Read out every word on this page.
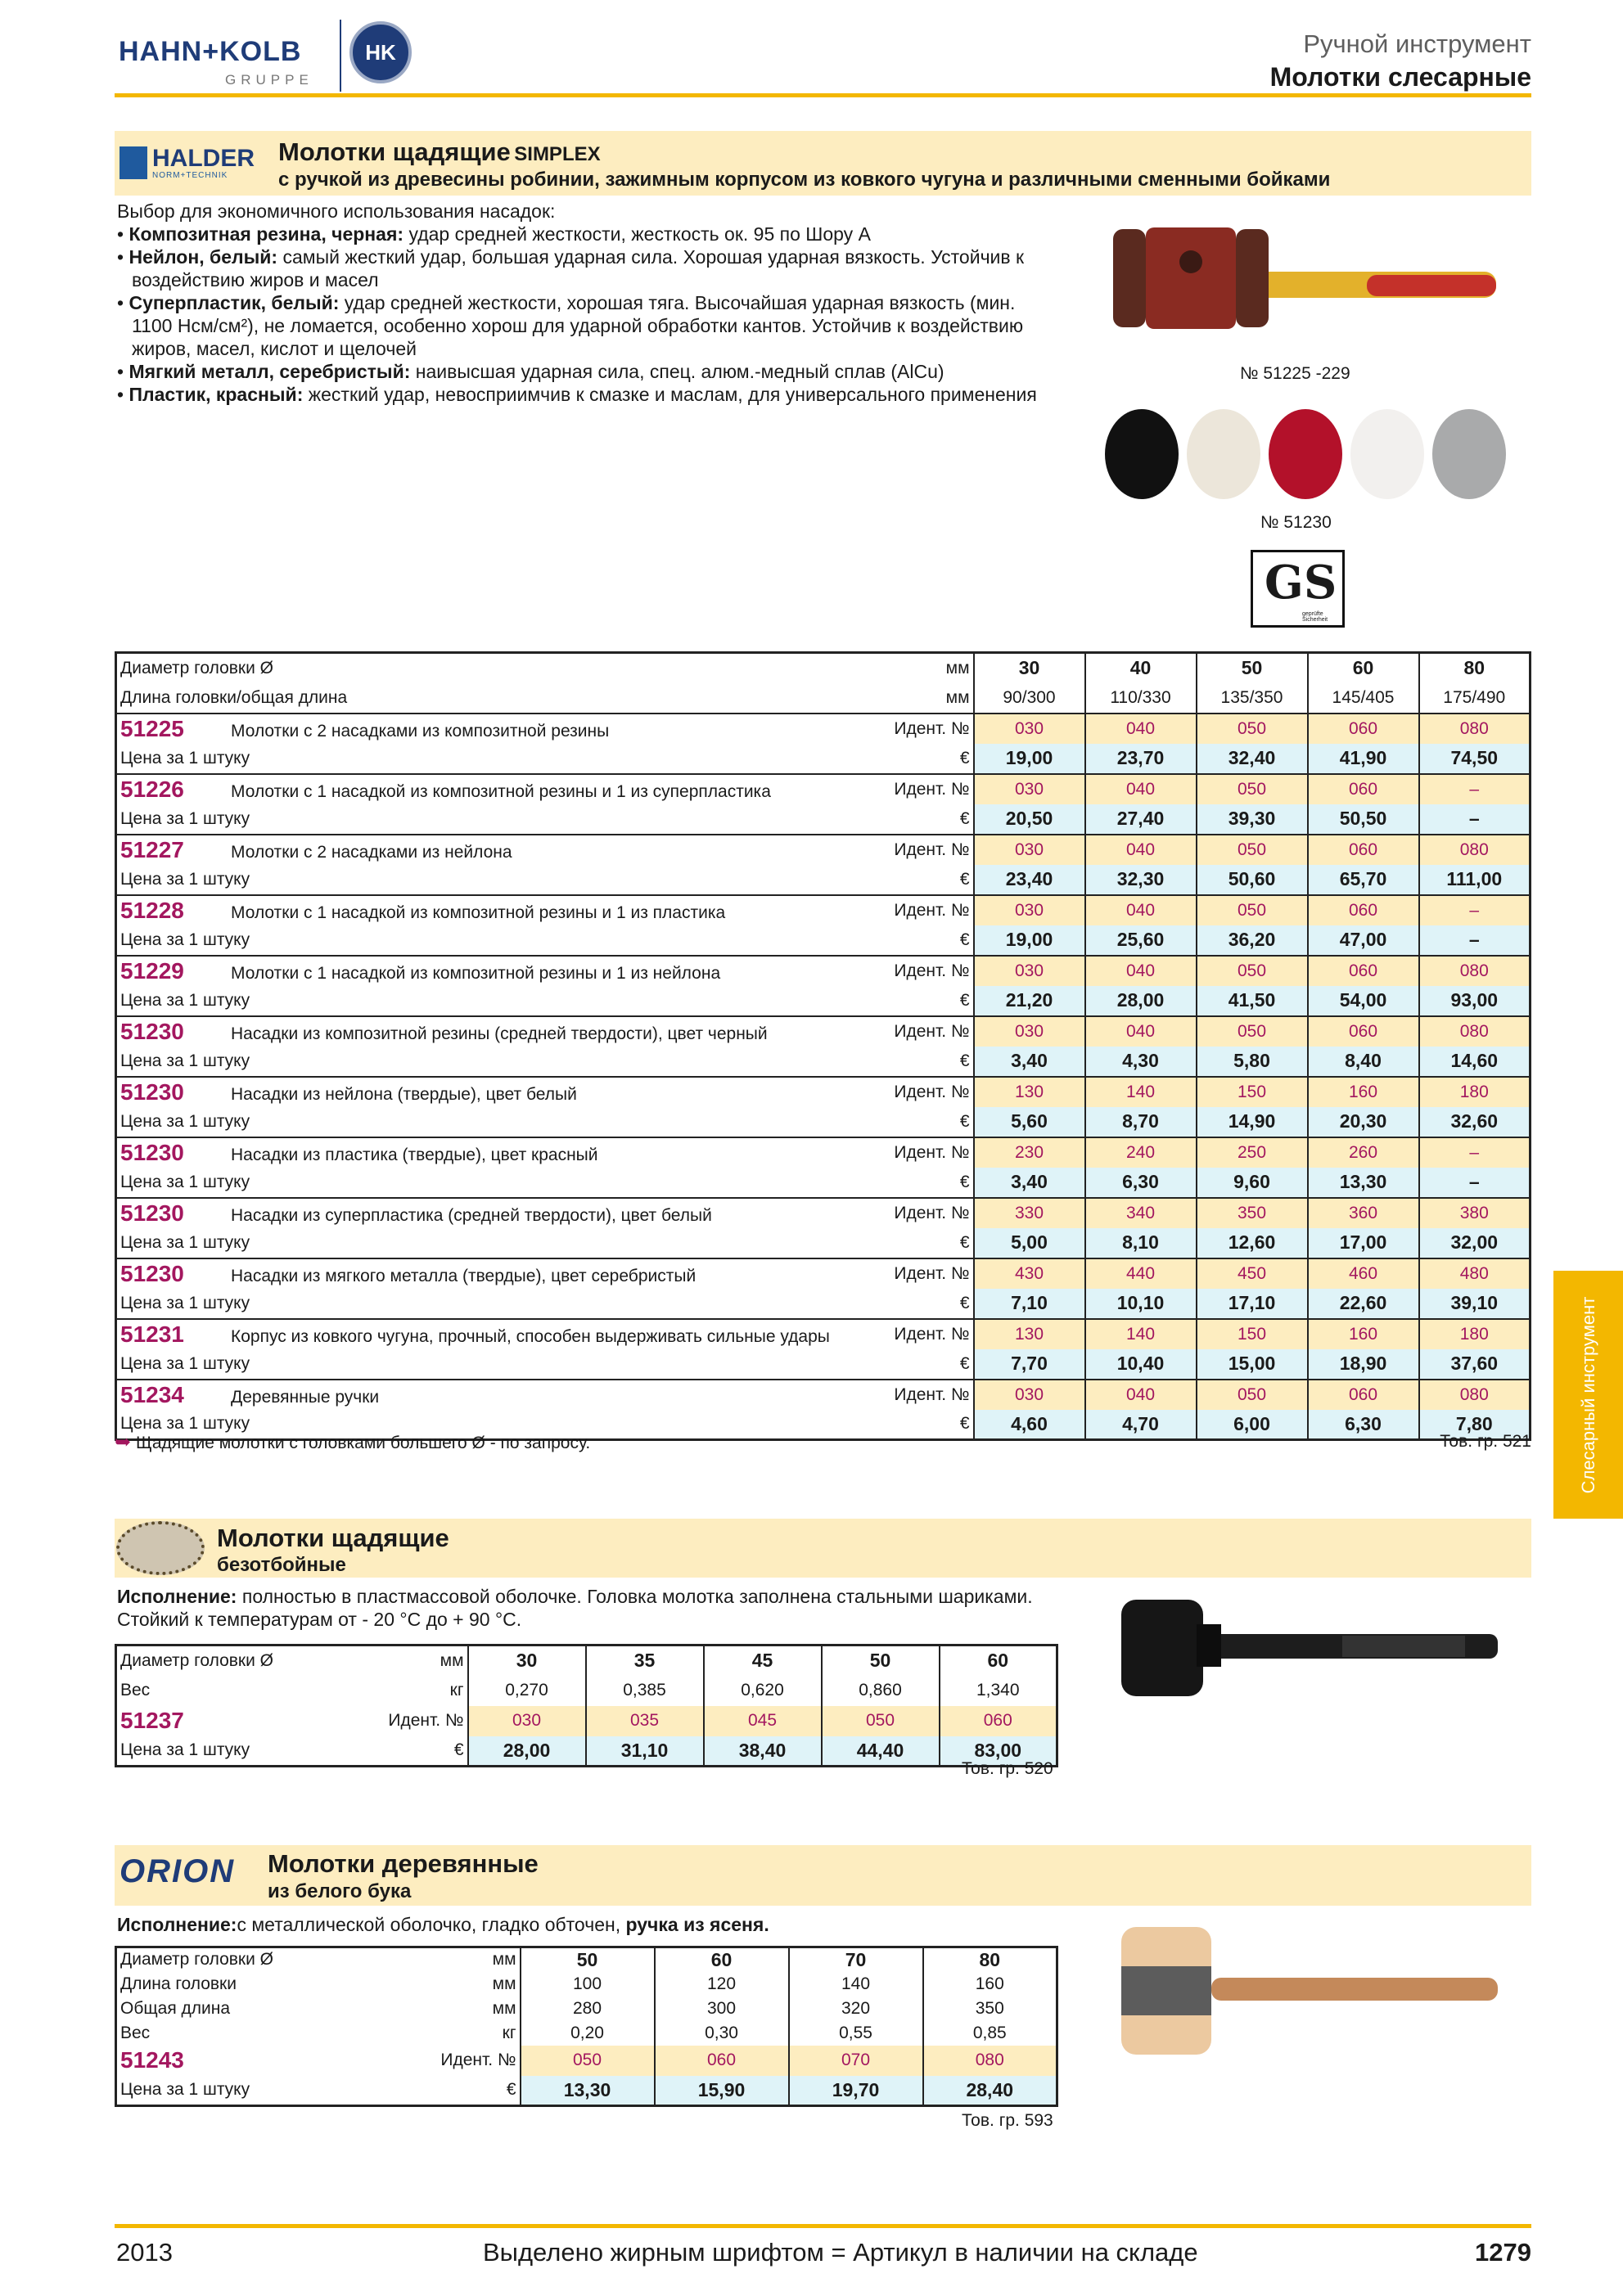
HAHN+KOLB
GRUPPE
HK	Ручной инструмент
Молотки слесарные
HALDER
NORM+TECHNIK
Молотки щадящие SIMPLEX
с ручкой из древесины робинии, зажимным корпусом из ковкого чугуна и различными сменными бойками
Выбор для экономичного использования насадок:
• Композитная резина, черная: удар средней жесткости, жесткость ок. 95 по Шору А
• Нейлон, белый: самый жесткий удар, большая ударная сила. Хорошая ударная вязкость. Устойчив к воздействию жиров и масел
• Суперпластик, белый: удар средней жесткости, хорошая тяга. Высочайшая ударная вязкость (мин. 1100 Нсм/см²), не ломается, особенно хорош для ударной обработки кантов. Устойчив к воздействию жиров, масел, кислот и щелочей
• Мягкий металл, серебристый: наивысшая ударная сила, спец. алюм.-медный сплав (AlCu)
• Пластик, красный: жесткий удар, невосприимчив к смазке и маслам, для универсального применения
№ 51225 -229
№ 51230
GS
geprüfte Sicherheit
Диаметр головки Ø	мм	30	40	50	60	80
Длина головки/общая длина	мм	90/300	110/330	135/350	145/405	175/490
51225 Молотки с 2 насадками из композитной резины	Идент. №	030	040	050	060	080
Цена за 1 штуку	€	19,00	23,70	32,40	41,90	74,50
51226 Молотки с 1 насадкой из композитной резины и 1 из суперпластика	Идент. №	030	040	050	060	–
Цена за 1 штуку	€	20,50	27,40	39,30	50,50	–
51227 Молотки с 2 насадками из нейлона	Идент. №	030	040	050	060	080
Цена за 1 штуку	€	23,40	32,30	50,60	65,70	111,00
51228 Молотки с 1 насадкой из композитной резины и 1 из пластика	Идент. №	030	040	050	060	–
Цена за 1 штуку	€	19,00	25,60	36,20	47,00	–
51229 Молотки с 1 насадкой из композитной резины и 1 из нейлона	Идент. №	030	040	050	060	080
Цена за 1 штуку	€	21,20	28,00	41,50	54,00	93,00
51230 Насадки из композитной резины (средней твердости), цвет черный	Идент. №	030	040	050	060	080
Цена за 1 штуку	€	3,40	4,30	5,80	8,40	14,60
51230 Насадки из нейлона (твердые), цвет белый	Идент. №	130	140	150	160	180
Цена за 1 штуку	€	5,60	8,70	14,90	20,30	32,60
51230 Насадки из пластика (твердые), цвет красный	Идент. №	230	240	250	260	–
Цена за 1 штуку	€	3,40	6,30	9,60	13,30	–
51230 Насадки из суперпластика (средней твердости), цвет белый	Идент. №	330	340	350	360	380
Цена за 1 штуку	€	5,00	8,10	12,60	17,00	32,00
51230 Насадки из мягкого металла (твердые), цвет серебристый	Идент. №	430	440	450	460	480
Цена за 1 штуку	€	7,10	10,10	17,10	22,60	39,10
51231 Корпус из ковкого чугуна, прочный, способен выдерживать сильные удары	Идент. №	130	140	150	160	180
Цена за 1 штуку	€	7,70	10,40	15,00	18,90	37,60
51234 Деревянные ручки	Идент. №	030	040	050	060	080
Цена за 1 штуку	€	4,60	4,70	6,00	6,30	7,80
➥ Щадящие молотки с головками большего Ø - по запросу.	Тов. гр. 521
Молотки щадящие
безотбойные
Исполнение: полностью в пластмассовой оболочке. Головка молотка заполнена стальными шариками. Стойкий к температурам от - 20 °C до + 90 °C.
Диаметр головки Ø	мм	30	35	45	50	60
Вес	кг	0,270	0,385	0,620	0,860	1,340
51237	Идент. №	030	035	045	050	060
Цена за 1 штуку	€	28,00	31,10	38,40	44,40	83,00
Тов. гр. 520
ORION Молотки деревянные
из белого бука
Исполнение:с металлической оболочко, гладко обточен, ручка из ясеня.
Диаметр головки Ø	мм	50	60	70	80
Длина головки	мм	100	120	140	160
Общая длина	мм	280	300	320	350
Вес	кг	0,20	0,30	0,55	0,85
51243	Идент. №	050	060	070	080
Цена за 1 штуку	€	13,30	15,90	19,70	28,40
Тов. гр. 593
Слесарный инструмент
2013	Выделено жирным шрифтом = Артикул в наличии на складе	1279
